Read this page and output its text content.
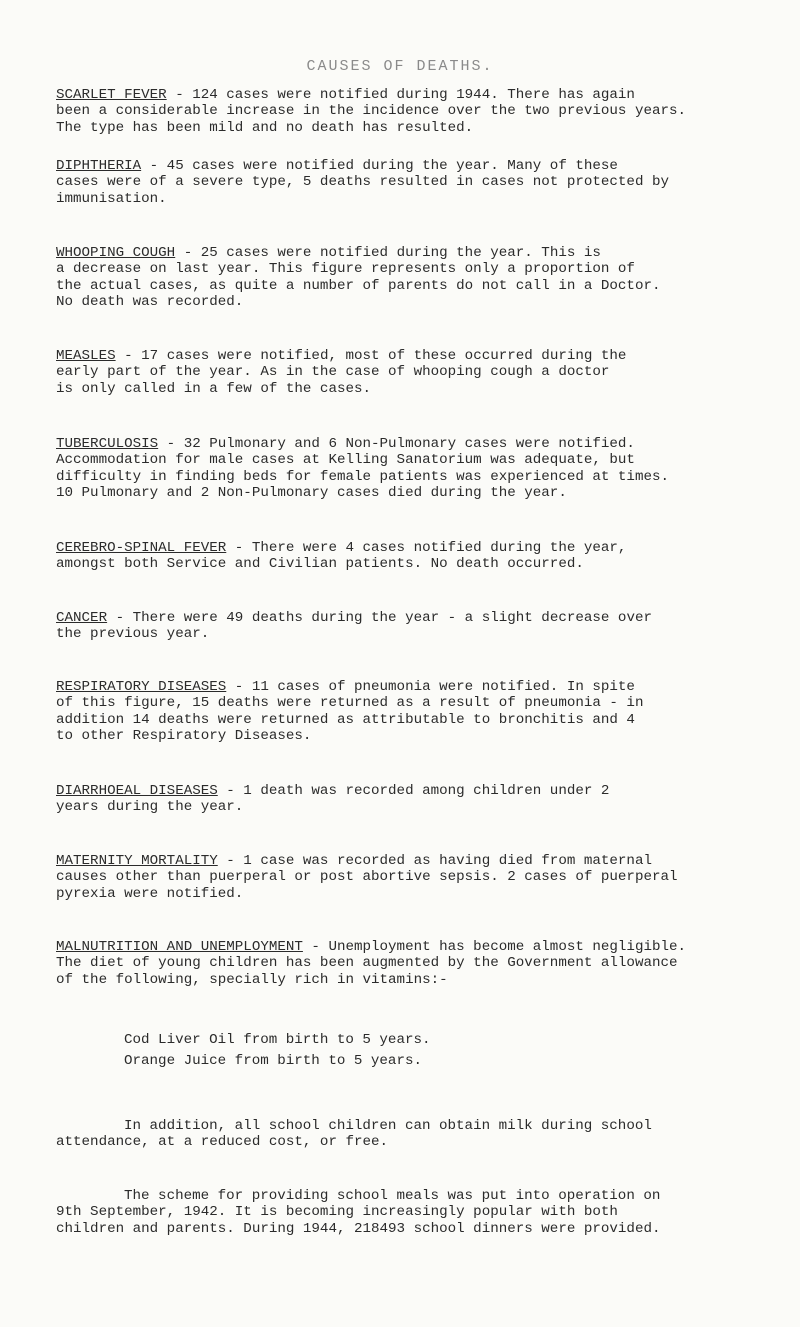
CAUSES OF DEATHS.

SCARLET FEVER - 124 cases were notified during 1944. There has again
been a considerable increase in the incidence over the two previous years.
The type has been mild and no death has resulted.

DIPHTHERIA - 45 cases were notified during the year. Many of these
cases were of a severe type, 5 deaths resulted in cases not protected by
immunisation.

WHOOPING COUGH - 25 cases were notified during the year. This is
a decrease on last year. This figure represents only a proportion of
the actual cases, as quite a number of parents do not call in a Doctor.
No death was recorded.

MEASLES - 17 cases were notified, most of these occurred during the
early part of the year. As in the case of whooping cough a doctor
is only called in a few of the cases.

TUBERCULOSIS - 32 Pulmonary and 6 Non-Pulmonary cases were notified.
Accommodation for male cases at Kelling Sanatorium was adequate, but
difficulty in finding beds for female patients was experienced at times.
10 Pulmonary and 2 Non-Pulmonary cases died during the year.

CEREBRO-SPINAL FEVER - There were 4 cases notified during the year,
amongst both Service and Civilian patients. No death occurred.

CANCER - There were 49 deaths during the year - a slight decrease over
the previous year.

RESPIRATORY DISEASES - 11 cases of pneumonia were notified. In spite
of this figure, 15 deaths were returned as a result of pneumonia - in
addition 14 deaths were returned as attributable to bronchitis and 4
to other Respiratory Diseases.

DIARRHOEAL DISEASES - 1 death was recorded among children under 2
years during the year.

MATERNITY MORTALITY - 1 case was recorded as having died from maternal
causes other than puerperal or post abortive sepsis. 2 cases of puerperal
pyrexia were notified.

MALNUTRITION AND UNEMPLOYMENT - Unemployment has become almost negligible.
The diet of young children has been augmented by the Government allowance
of the following, specially rich in vitamins:-

Cod Liver Oil from birth to 5 years.

Orange Juice from birth to 5 years.

In addition, all school children can obtain milk during school
attendance, at a reduced cost, or free.

The scheme for providing school meals was put into operation on
9th September, 1942. It is becoming increasingly popular with both
children and parents. During 1944, 218493 school dinners were provided.
